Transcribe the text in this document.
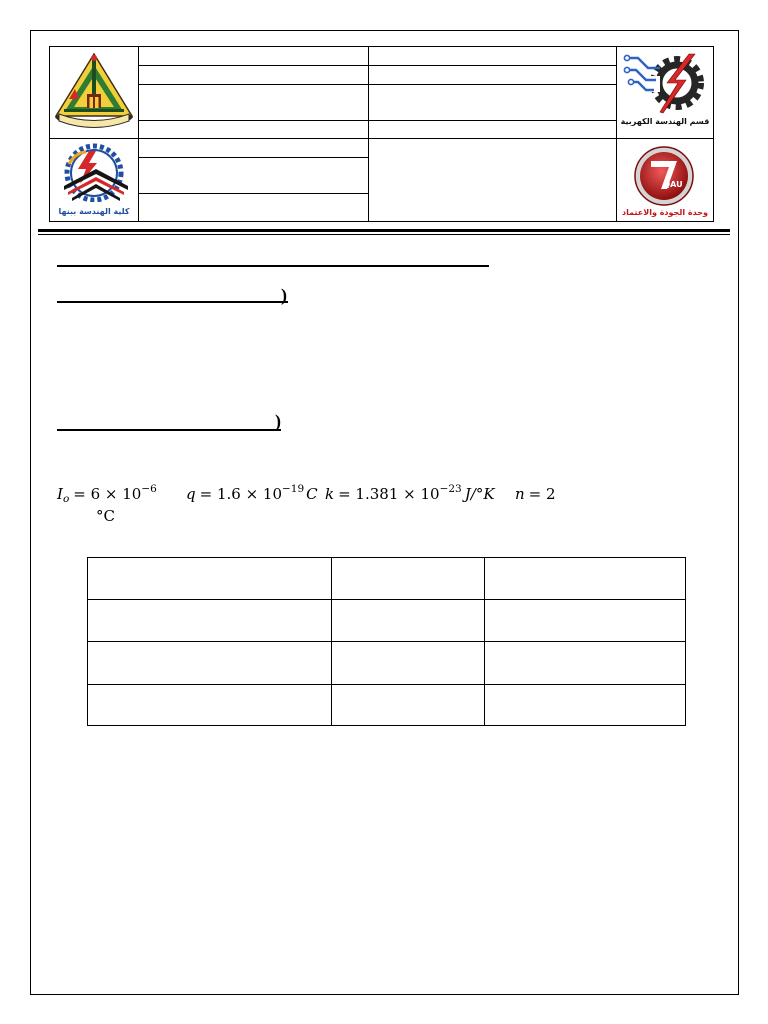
كلية الهندسة ببنها
قسم الهندسة الكهربية
QAU
وحدة الجودة والاعتماد
)
)
$I_o = 6 \times 10^{-6}$ $q = 1.6 \times 10^{-19}$ C $k = 1.381 \times 10^{-23}$ J/°K n = 2
°C
